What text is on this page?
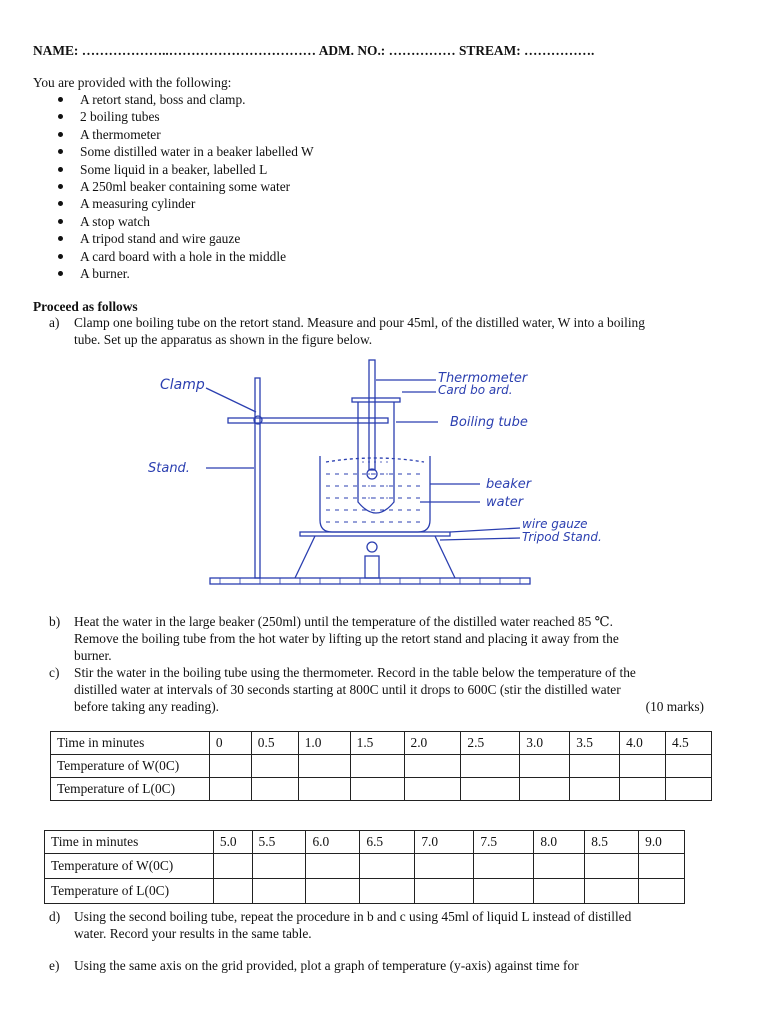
NAME: ………………..…………………………… ADM. NO.: …………… STREAM: …………….
You are provided with the following:
A retort stand, boss and clamp.
2 boiling tubes
A thermometer
Some distilled water in a beaker labelled W
Some liquid in a beaker, labelled L
A 250ml beaker containing some water
A measuring cylinder
A stop watch
A tripod stand and wire gauze
A card board with a hole in the middle
A burner.
Proceed as follows
a) Clamp one boiling tube on the retort stand. Measure and pour 45ml, of the distilled water, W into a boiling
tube. Set up the apparatus as shown in the figure below.
Clamp
Stand.
Thermometer
Card bo ard.
Boiling tube
beaker
water
wire gauze
Tripod Stand.
b) Heat the water in the large beaker (250ml) until the temperature of the distilled water reached 85 ℃.
Remove the boiling tube from the hot water by lifting up the retort stand and placing it away from the
burner.
c) Stir the water in the boiling tube using the thermometer. Record in the table below the temperature of the
distilled water at intervals of 30 seconds starting at 800C until it drops to 600C (stir the distilled water
before taking any reading).	(10 marks)
Time in minutes	0	0.5	1.0	1.5	2.0	2.5	3.0	3.5	4.0	4.5
Temperature of W(0C)										
Temperature of L(0C)										
Time in minutes	5.0	5.5	6.0	6.5	7.0	7.5	8.0	8.5	9.0
Temperature of W(0C)									
Temperature of L(0C)									
d) Using the second boiling tube, repeat the procedure in b and c using 45ml of liquid L instead of distilled
water. Record your results in the same table.
e) Using the same axis on the grid provided, plot a graph of temperature (y-axis) against time for
